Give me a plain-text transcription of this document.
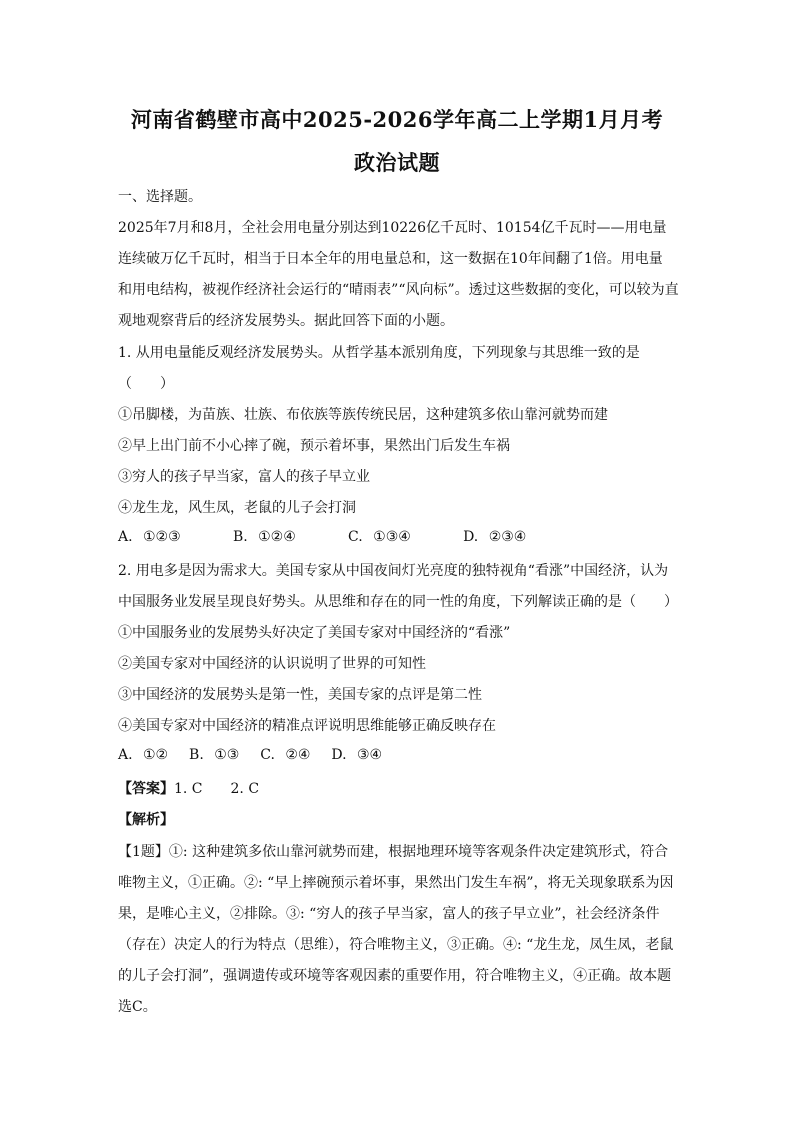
河南省鹤壁市高中2025-2026学年高二上学期1月月考
政治试题
一、选择题。
2025年7月和8月，全社会用电量分别达到10226亿千瓦时、10154亿千瓦时——用电量
连续破万亿千瓦时，相当于日本全年的用电量总和，这一数据在10年间翻了1倍。用电量
和用电结构，被视作经济社会运行的“晴雨表”“风向标”。透过这些数据的变化，可以较为直
观地观察背后的经济发展势头。据此回答下面的小题。
1. 从用电量能反观经济发展势头。从哲学基本派别角度，下列现象与其思维一致的是
（　　）
①吊脚楼，为苗族、壮族、布依族等族传统民居，这种建筑多依山靠河就势而建
②早上出门前不小心摔了碗，预示着坏事，果然出门后发生车祸
③穷人的孩子早当家，富人的孩子早立业
④龙生龙，风生凤，老鼠的儿子会打洞
A. ①②③	B. ①②④	C. ①③④	D. ②③④
2. 用电多是因为需求大。美国专家从中国夜间灯光亮度的独特视角“看涨”中国经济，认为
中国服务业发展呈现良好势头。从思维和存在的同一性的角度，下列解读正确的是（　　）
①中国服务业的发展势头好决定了美国专家对中国经济的“看涨”
②美国专家对中国经济的认识说明了世界的可知性
③中国经济的发展势头是第一性，美国专家的点评是第二性
④美国专家对中国经济的精准点评说明思维能够正确反映存在
A. ①② B. ①③ C. ②④ D. ③④
【答案】1. C　　2. C
【解析】
【1题】①: 这种建筑多依山靠河就势而建，根据地理环境等客观条件决定建筑形式，符合
唯物主义，①正确。②: “早上摔碗预示着坏事，果然出门发生车祸”，将无关现象联系为因
果，是唯心主义，②排除。③: “穷人的孩子早当家，富人的孩子早立业”，社会经济条件
（存在）决定人的行为特点（思维），符合唯物主义，③正确。④: “龙生龙，凤生凤，老鼠
的儿子会打洞”，强调遗传或环境等客观因素的重要作用，符合唯物主义，④正确。故本题
选C。
